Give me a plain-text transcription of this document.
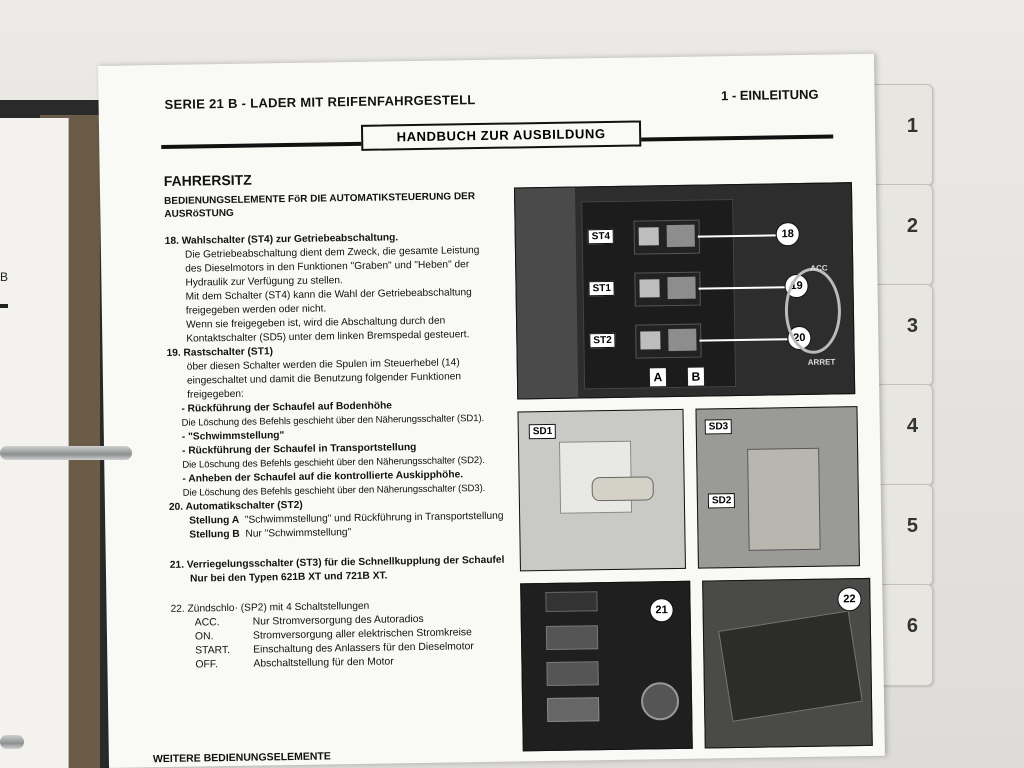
B
1
2
3
4
5
6
SERIE 21 B - LADER MIT REIFENFAHRGESTELL	1 - EINLEITUNG
HANDBUCH ZUR AUSBILDUNG

FAHRERSITZ

BEDIENUNGSELEMENTE FöR DIE AUTOMATIKSTEUERUNG DER
AUSRöSTUNG

18. Wahlschalter (ST4) zur Getriebeabschaltung.

Die Getriebeabschaltung dient dem Zweck, die gesamte Leistung

des Dieselmotors in den Funktionen "Graben" und "Heben" der

Hydraulik zur Verfügung zu stellen.

Mit dem Schalter (ST4) kann die Wahl der Getriebeabschaltung

freigegeben werden oder nicht.

Wenn sie freigegeben ist, wird die Abschaltung durch den

Kontaktschalter (SD5) unter dem linken Bremspedal gesteuert.

19. Rastschalter (ST1)

öber diesen Schalter werden die Spulen im Steuerhebel (14)

eingeschaltet und damit die Benutzung folgender Funktionen

freigegeben:

- Rückführung der Schaufel auf Bodenhöhe

Die Löschung des Befehls geschieht über den Näherungsschalter (SD1).

- "Schwimmstellung"

- Rückführung der Schaufel in Transportstellung

Die Löschung des Befehls geschieht über den Näherungsschalter (SD2).

- Anheben der Schaufel auf die kontrollierte Auskipphöhe.

Die Löschung des Befehls geschieht über den Näherungsschalter (SD3).

20. Automatikschalter (ST2)

Stellung A "Schwimmstellung" und Rückführung in Transportstellung

Stellung B Nur "Schwimmstellung"

21. Verriegelungsschalter (ST3) für die Schnellkupplung der Schaufel

Nur bei den Typen 621B XT und 721B XT.

22. Zündschlo· (SP2) mit 4 Schaltstellungen

ACC.	Nur Stromversorgung des Autoradios
ON.	Stromversorgung aller elektrischen Stromkreise
START.	Einschaltung des Anlassers für den Dieselmotor
OFF.	Abschaltstellung für den Motor
WEITERE BEDIENUNGSELEMENTE
ST4
ST1
ST2
18
19
20
A	B
ACC
ARRET
SD1	SD3
SD2
21
22
